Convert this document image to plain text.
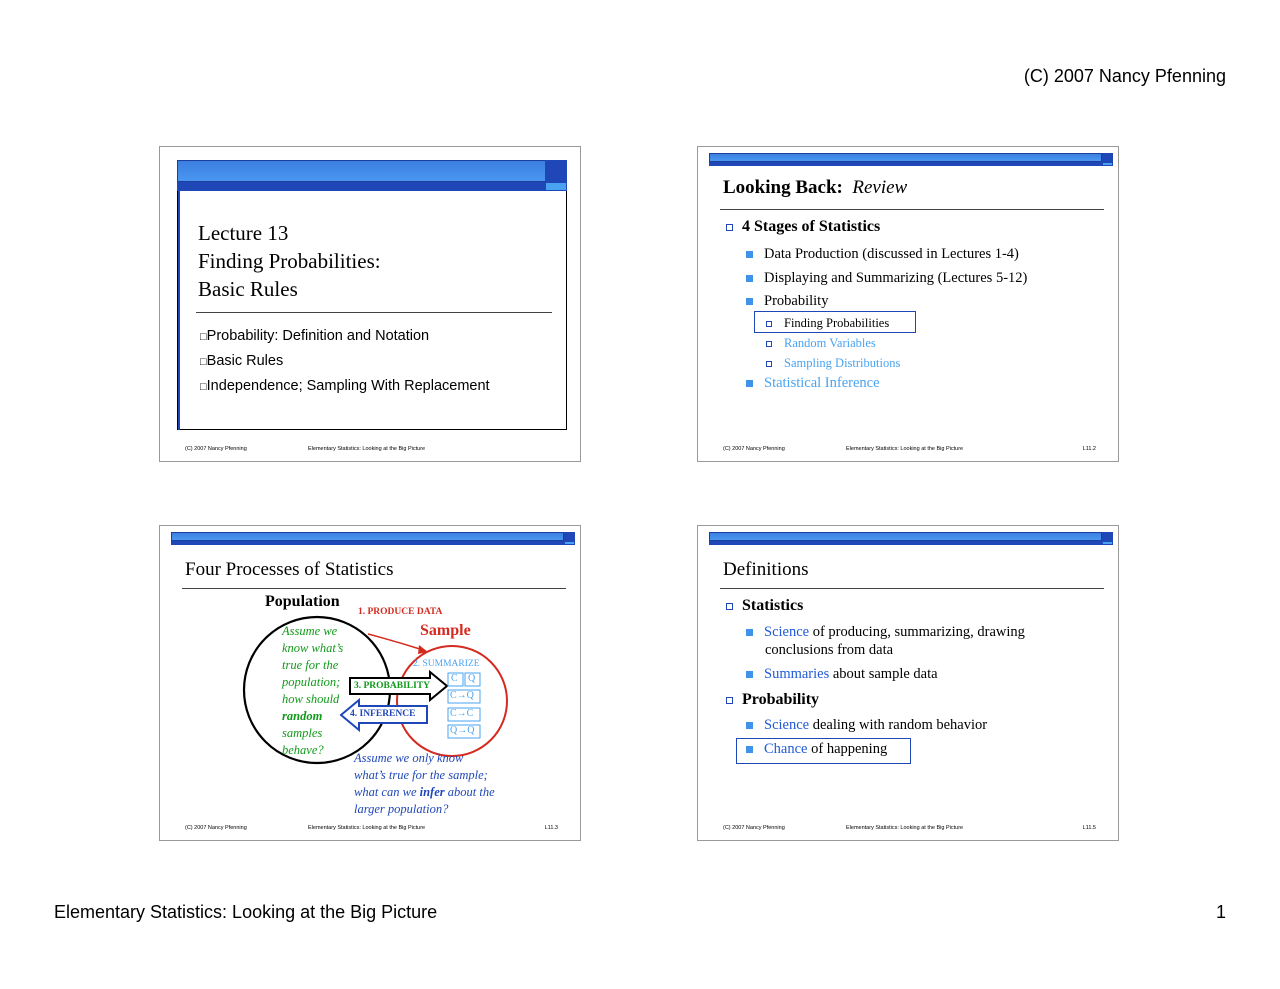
(C) 2007 Nancy Pfenning
Elementary Statistics: Looking at the Big Picture	1
Lecture 13
Finding Probabilities:
Basic Rules
□Probability: Definition and Notation
□Basic Rules
□Independence; Sampling With Replacement
(C) 2007 Nancy Pfenning	Elementary Statistics: Looking at the Big Picture
Looking Back: Review
4 Stages of Statistics
Data Production (discussed in Lectures 1-4)
Displaying and Summarizing (Lectures 5-12)
Probability
Finding Probabilities
Random Variables
Sampling Distributions
Statistical Inference
(C) 2007 Nancy Pfenning	Elementary Statistics: Looking at the Big Picture	L11.2
Four Processes of Statistics
Population
1. PRODUCE DATA
Sample
2. SUMMARIZE
3. PROBABILITY
4. INFERENCE
C Q
C→Q
C→C
Q→Q
Assume we
know what’s
true for the
population;
how should
random
samples
behave?
Assume we only know
what’s true for the sample;
what can we infer about the
larger population?
(C) 2007 Nancy Pfenning	Elementary Statistics: Looking at the Big Picture	L11.3
Definitions
Statistics
Science of producing, summarizing, drawing
conclusions from data
Summaries about sample data
Probability
Science dealing with random behavior
Chance of happening
(C) 2007 Nancy Pfenning	Elementary Statistics: Looking at the Big Picture	L11.5
